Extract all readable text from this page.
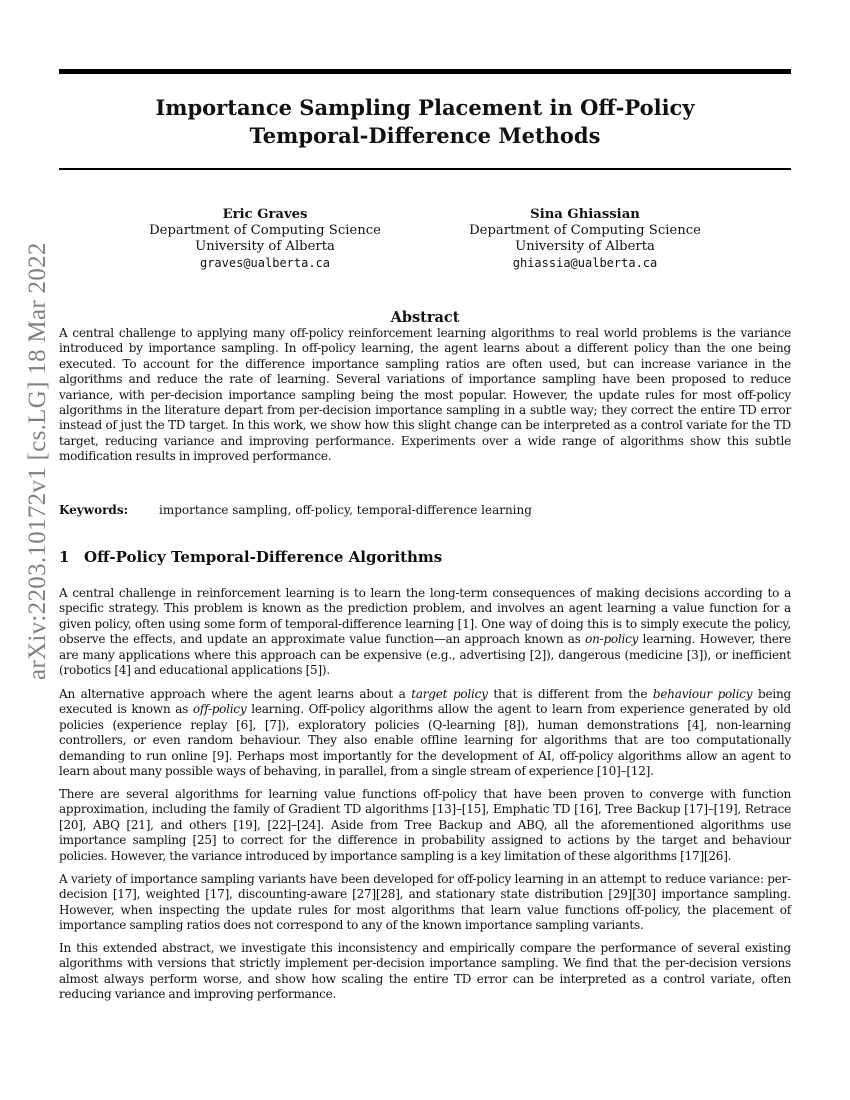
Importance Sampling Placement in Off-Policy
Temporal-Difference Methods
Eric Graves
Department of Computing Science
University of Alberta
graves@ualberta.ca
Sina Ghiassian
Department of Computing Science
University of Alberta
ghiassia@ualberta.ca
arXiv:2203.10172v1 [cs.LG] 18 Mar 2022	Abstract

A central challenge to applying many off-policy reinforcement learning algorithms to real world problems is the variance introduced by importance sampling. In off-policy learning, the agent learns about a different policy than the one being executed. To account for the difference importance sampling ratios are often used, but can increase variance in the algorithms and reduce the rate of learning. Several variations of importance sampling have been proposed to reduce variance, with per-decision importance sampling being the most popular. However, the update rules for most off-policy algorithms in the literature depart from per-decision importance sampling in a subtle way; they correct the entire TD error instead of just the TD target. In this work, we show how this slight change can be interpreted as a control variate for the TD target, reducing variance and improving performance. Experiments over a wide range of algorithms show this subtle modification results in improved performance.

Keywords:	importance sampling, off-policy, temporal-difference learning
1 Off-Policy Temporal-Difference Algorithms

A central challenge in reinforcement learning is to learn the long-term consequences of making decisions according to a specific strategy. This problem is known as the prediction problem, and involves an agent learning a value function for a given policy, often using some form of temporal-difference learning [1]. One way of doing this is to simply execute the policy, observe the effects, and update an approximate value function—an approach known as on-policy learning. However, there are many applications where this approach can be expensive (e.g., advertising [2]), dangerous (medicine [3]), or inefficient (robotics [4] and educational applications [5]).

An alternative approach where the agent learns about a target policy that is different from the behaviour policy being executed is known as off-policy learning. Off-policy algorithms allow the agent to learn from experience generated by old policies (experience replay [6], [7]), exploratory policies (Q-learning [8]), human demonstrations [4], non-learning controllers, or even random behaviour. They also enable offline learning for algorithms that are too computationally demanding to run online [9]. Perhaps most importantly for the development of AI, off-policy algorithms allow an agent to learn about many possible ways of behaving, in parallel, from a single stream of experience [10]–[12].

There are several algorithms for learning value functions off-policy that have been proven to converge with function approximation, including the family of Gradient TD algorithms [13]–[15], Emphatic TD [16], Tree Backup [17]–[19], Retrace [20], ABQ [21], and others [19], [22]–[24]. Aside from Tree Backup and ABQ, all the aforementioned algorithms use importance sampling [25] to correct for the difference in probability assigned to actions by the target and behaviour policies. However, the variance introduced by importance sampling is a key limitation of these algorithms [17][26].

A variety of importance sampling variants have been developed for off-policy learning in an attempt to reduce variance: per-decision [17], weighted [17], discounting-aware [27][28], and stationary state distribution [29][30] importance sampling. However, when inspecting the update rules for most algorithms that learn value functions off-policy, the placement of importance sampling ratios does not correspond to any of the known importance sampling variants.

In this extended abstract, we investigate this inconsistency and empirically compare the performance of several existing algorithms with versions that strictly implement per-decision importance sampling. We find that the per-decision versions almost always perform worse, and show how scaling the entire TD error can be interpreted as a control variate, often reducing variance and improving performance.
